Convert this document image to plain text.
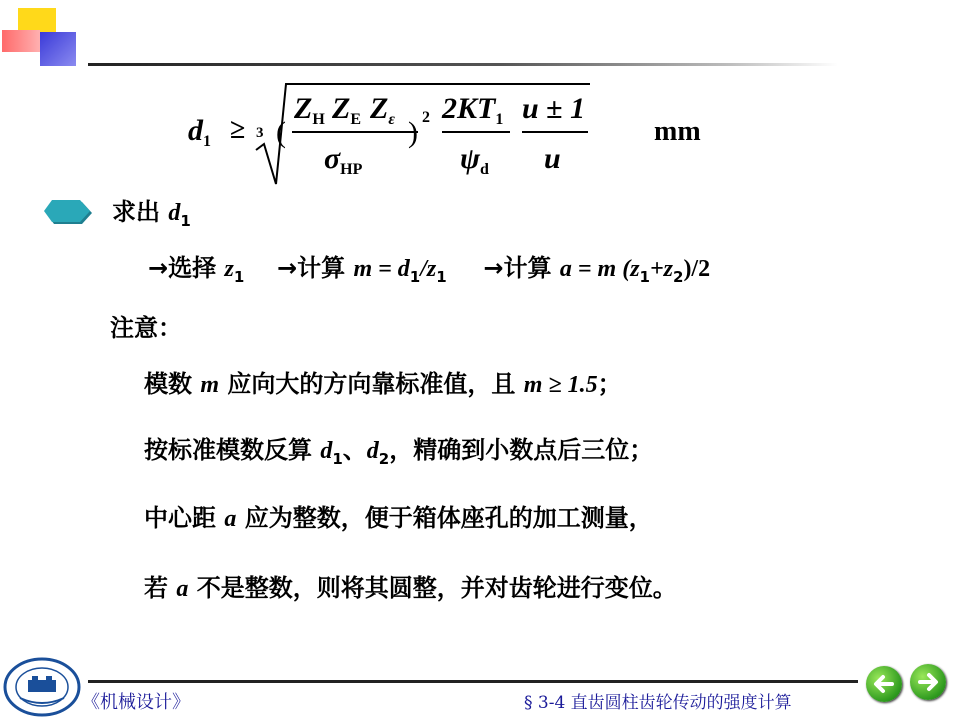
$d_1 \ge 3$ (
$Z_H$ $Z_E$ $Z_\varepsilon$
$\sigma_{HP}$
) 2 $2KT_1$
$\psi_d$
u ± 1
u
mm
求出 $d_1$
→选择 $z_1$ →计算 $m = d_1/z_1$ →计算 a = m $(z_1+z_2)/2$
注意：
模数 m 应向大的方向靠标准值，且 m ≥ 1.5；
按标准模数反算 $d_1$、$d_2$，精确到小数点后三位；
中心距 a 应为整数，便于箱体座孔的加工测量，
若 a 不是整数，则将其圆整，并对齿轮进行变位。
《机械设计》	§ 3-4 直齿圆柱齿轮传动的强度计算
